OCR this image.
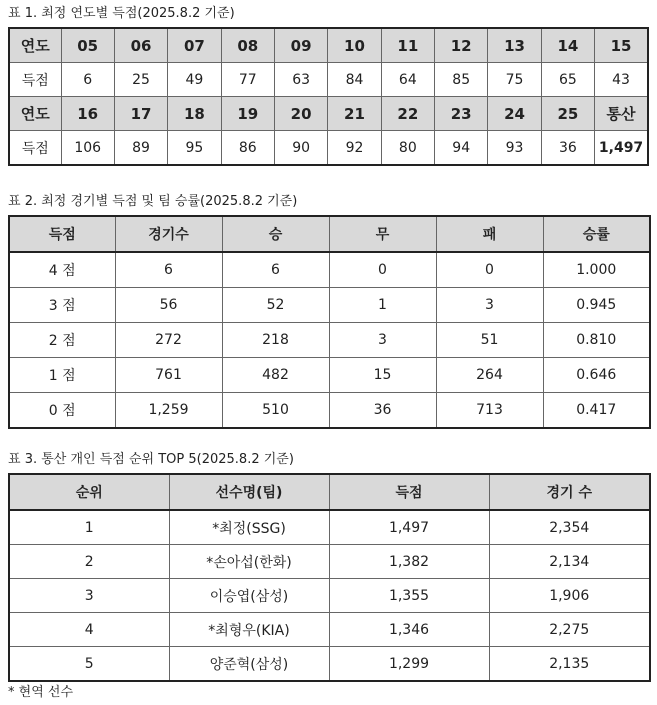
표 1. 최정 연도별 득점(2025.8.2 기준)
연도	05	06	07	08	09	10	11	12	13	14	15
득점	6	25	49	77	63	84	64	85	75	65	43
연도	16	17	18	19	20	21	22	23	24	25	통산
득점	106	89	95	86	90	92	80	94	93	36	1,497
표 2. 최정 경기별 득점 및 팀 승률(2025.8.2 기준)
득점	경기수	승	무	패	승률
4 점	6	6	0	0	1.000
3 점	56	52	1	3	0.945
2 점	272	218	3	51	0.810
1 점	761	482	15	264	0.646
0 점	1,259	510	36	713	0.417
표 3. 통산 개인 득점 순위 TOP 5(2025.8.2 기준)
순위	선수명(팀)	득점	경기 수
1	*최정(SSG)	1,497	2,354
2	*손아섭(한화)	1,382	2,134
3	이승엽(삼성)	1,355	1,906
4	*최형우(KIA)	1,346	2,275
5	양준혁(삼성)	1,299	2,135
* 현역 선수
